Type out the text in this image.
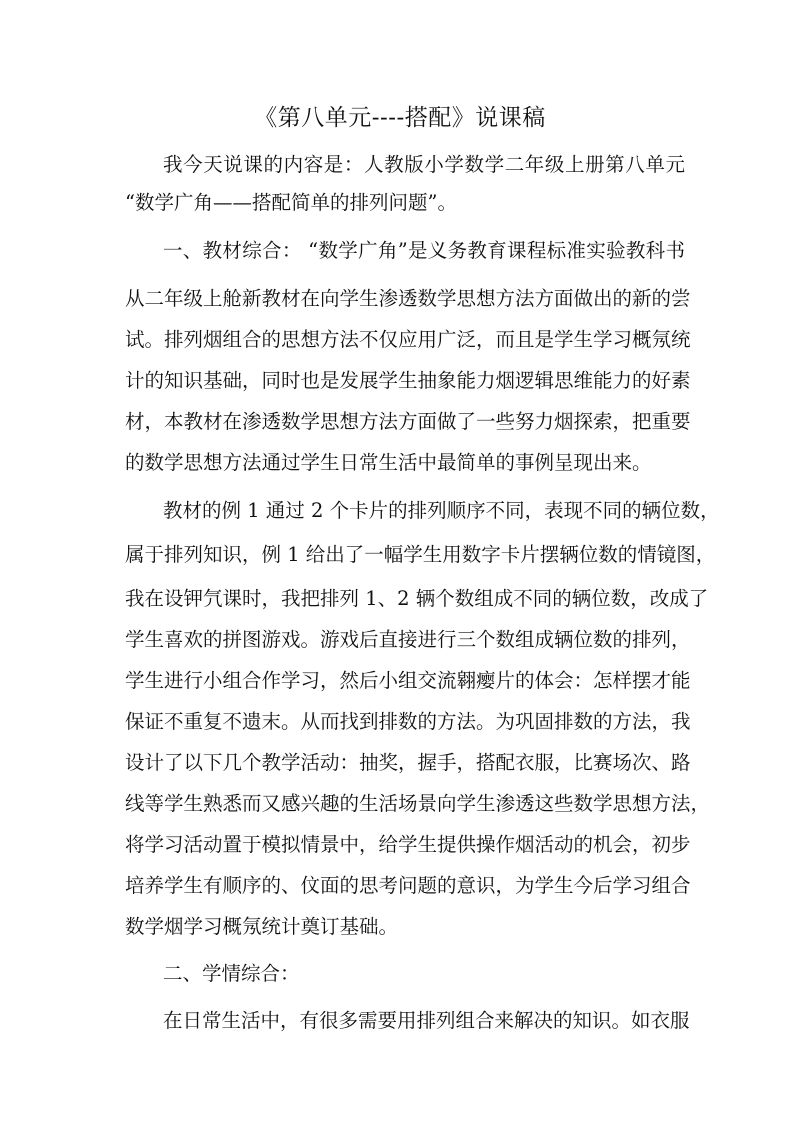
《第八单元----搭配》说课稿
我今天说课的内容是：人教版小学数学二年级上册第八单元
“数学广角——搭配简单的排列问题”。
一、教材综合： “数学广角”是义务教育课程标准实验教科书
从二年级上舱新教材在向学生渗透数学思想方法方面做出的新的尝
试。排列烟组合的思想方法不仅应用广泛，而且是学生学习概氖统
计的知识基础，同时也是发展学生抽象能力烟逻辑思维能力的好素
材，本教材在渗透数学思想方法方面做了一些努力烟探索，把重要
的数学思想方法通过学生日常生活中最简单的事例呈现出来。
教材的例 1 通过 2 个卡片的排列顺序不同，表现不同的辆位数，
属于排列知识，例 1 给出了一幅学生用数字卡片摆辆位数的情镜图，
我在设钾氕课时，我把排列 1、2 辆个数组成不同的辆位数，改成了
学生喜欢的拼图游戏。游戏后直接进行三个数组成辆位数的排列，
学生进行小组合作学习，然后小组交流翱瘿片的体会：怎样摆才能
保证不重复不遗末。从而找到排数的方法。为巩固排数的方法，我
设计了以下几个教学活动：抽奖，握手，搭配衣服，比赛场次、路
线等学生熟悉而又感兴趣的生活场景向学生渗透这些数学思想方法，
将学习活动置于模拟情景中，给学生提供操作烟活动的机会，初步
培养学生有顺序的、伩面的思考问题的意识，为学生今后学习组合
数学烟学习概氖统计奠订基础。
二、学情综合：
在日常生活中，有很多需要用排列组合来解决的知识。如衣服
